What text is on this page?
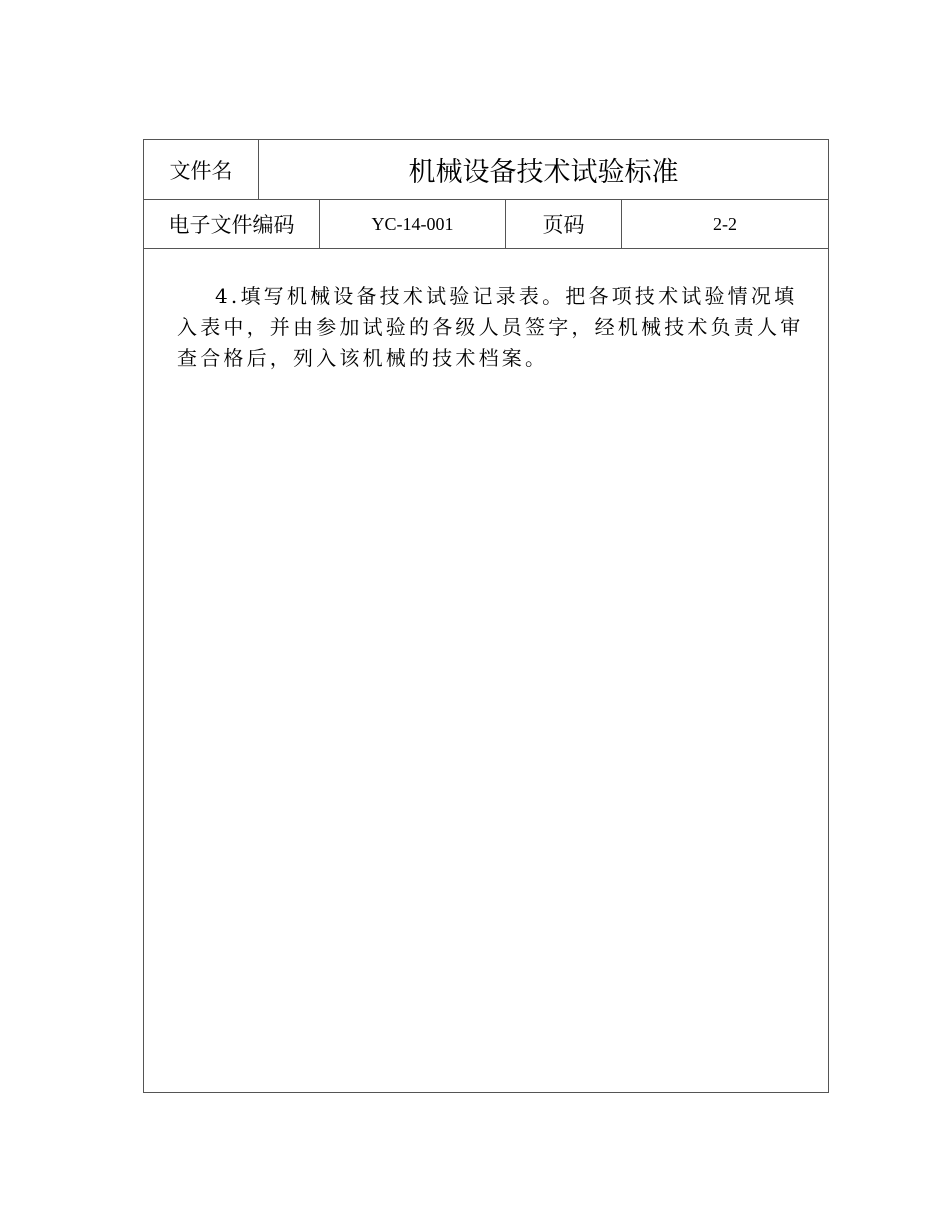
文件名	机械设备技术试验标准
电子文件编码	YC-14-001	页码	2-2

4.填写机械设备技术试验记录表。把各项技术试验情况填入表中，并由参加试验的各级人员签字，经机械技术负责人审查合格后，列入该机械的技术档案。
